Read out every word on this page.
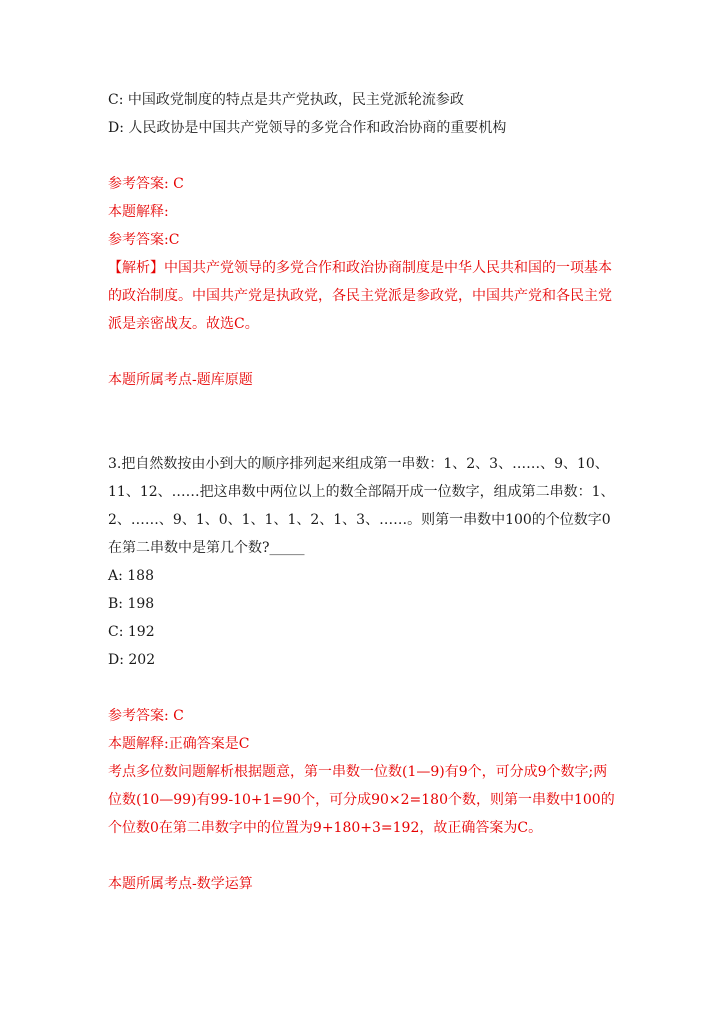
C: 中国政党制度的特点是共产党执政，民主党派轮流参政
D: 人民政协是中国共产党领导的多党合作和政治协商的重要机构
参考答案: C
本题解释:
参考答案:C
【解析】中国共产党领导的多党合作和政治协商制度是中华人民共和国的一项基本的政治制度。中国共产党是执政党，各民主党派是参政党，中国共产党和各民主党派是亲密战友。故选C。
本题所属考点-题库原题
3.把自然数按由小到大的顺序排列起来组成第一串数：1、2、3、……、9、10、11、12、……把这串数中两位以上的数全部隔开成一位数字，组成第二串数：1、2、……、9、1、0、1、1、1、2、1、3、……。则第一串数中100的个位数字0在第二串数中是第几个数?_____
A: 188
B: 198
C: 192
D: 202
参考答案: C
本题解释:正确答案是C
考点多位数问题解析根据题意，第一串数一位数(1—9)有9个，可分成9个数字;两位数(10—99)有99-10+1=90个，可分成90×2=180个数，则第一串数中100的个位数0在第二串数字中的位置为9+180+3=192，故正确答案为C。
本题所属考点-数学运算
